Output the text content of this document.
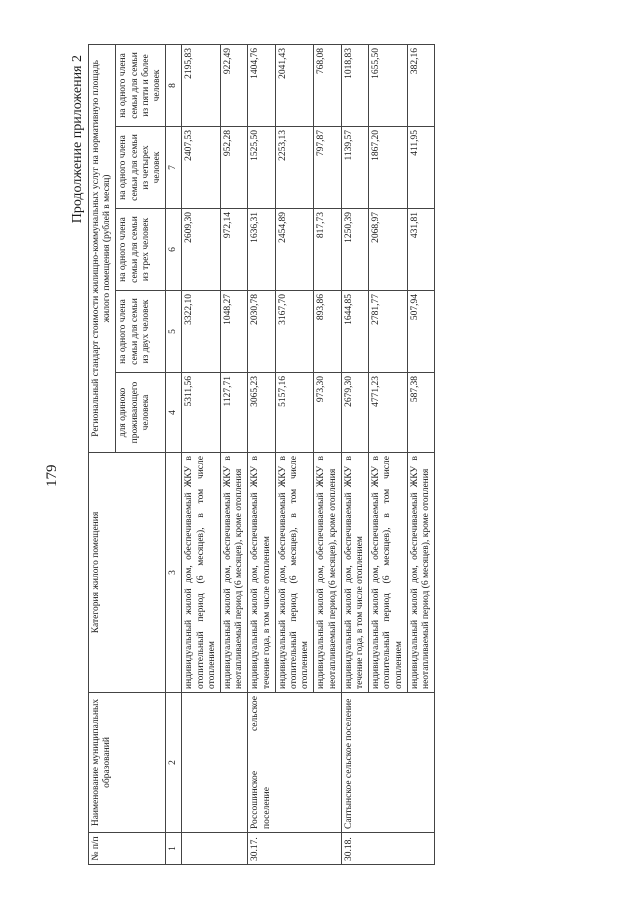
179
Продолжение приложения 2
№ п/п	Наименование муниципальных образований	Категория жилого помещения	Региональный стандарт стоимости жилищно-коммунальных услуг на нормативную площадь жилого помещения (рублей в месяц)				
			для одиноко проживающего человека	на одного члена семьи для семьи из двух человек	на одного члена семьи для семьи из трех человек	на одного члена семьи для семьи из четырех человек	на одного члена семьи для семьи из пяти и более человек
1	2	3	4	5	6	7	8
		индивидуальный жилой дом, обеспечиваемый ЖКУ в отопительный период (6 месяцев), в том числе отоплением	5311,56	3322,10	2609,30	2407,53	2195,83
		индивидуальный жилой дом, обеспечиваемый ЖКУ в неотапливаемый период (6 месяцев), кроме отопления	1127,71	1048,27	972,14	952,28	922,49
30.17.	Россошинское сельское поселение	индивидуальный жилой дом, обеспечиваемый ЖКУ в течение года, в том числе отоплением	3065,23	2030,78	1636,31	1525,50	1404,76
		индивидуальный жилой дом, обеспечиваемый ЖКУ в отопительный период (6 месяцев), в том числе отоплением	5157,16	3167,70	2454,89	2253,13	2041,43
		индивидуальный жилой дом, обеспечиваемый ЖКУ в неотапливаемый период (6 месяцев), кроме отопления	973,30	893,86	817,73	797,87	768,08
30.18.	Саптынское сельское поселение	индивидуальный жилой дом, обеспечиваемый ЖКУ в течение года, в том числе отоплением	2679,30	1644,85	1250,39	1139,57	1018,83
		индивидуальный жилой дом, обеспечиваемый ЖКУ в отопительный период (6 месяцев), в том числе отоплением	4771,23	2781,77	2068,97	1867,20	1655,50
		индивидуальный жилой дом, обеспечиваемый ЖКУ в неотапливаемый период (6 месяцев), кроме отопления	587,38	507,94	431,81	411,95	382,16
